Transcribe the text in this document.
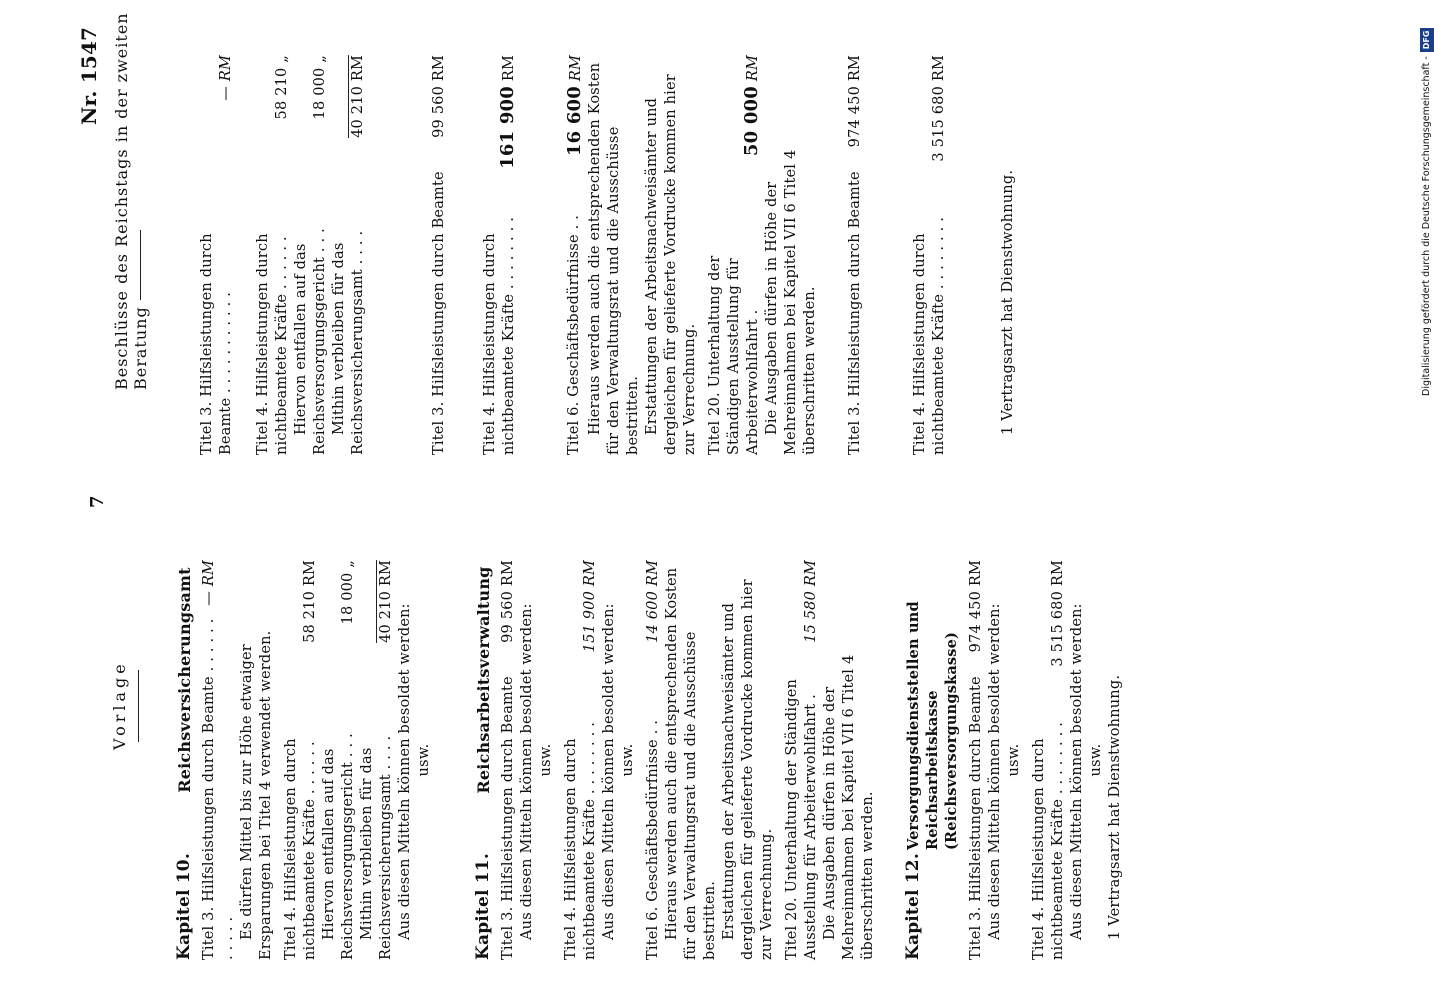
7
Nr. 1547
Vorlage
Beschlüsse des Reichstags in der zweiten Beratung
Kapitel 10.
Reichsversicherungsamt Titel 3. Hilfsleistungen durch Beamte . . . . . . . . . . .
— RM
Es dürfen Mittel bis zur Höhe etwaiger Ersparungen bei Titel 4 verwendet werden. Titel 4. Hilfsleistungen durch nichtbeamtete Kräfte . . . . . .
58 210 RM
Hiervon entfallen auf das Reichsversorgungsgericht . . .
18 000 „
Mithin verbleiben für das Reichsversicherungsamt . . . .
40 210 RM
Aus diesen Mitteln können besoldet werden: usw.
Kapitel 11.
Reichsarbeitsverwaltung Titel 3. Hilfsleistungen durch Beamte
99 560 RM
Aus diesen Mitteln können besoldet werden: usw. Titel 4. Hilfsleistungen durch nichtbeamtete Kräfte . . . . . . . .
151 900 RM Aus diesen Mitteln können besoldet werden: usw. Titel 6. Geschäftsbedürfnisse . .
14 600 RM Hieraus werden auch die entsprechenden Kosten für den Verwaltungsrat und die Ausschüsse bestritten. Erstattungen der Arbeitsnachweisämter und dergleichen für gelieferte Vordrucke kommen hier zur Verrechnung. Titel 20. Unterhaltung der Ständigen Ausstellung für Arbeiterwohlfahrt .
15 580 RM
Die Ausgaben dürfen in Höhe der Mehreinnahmen bei Kapitel VII 6 Titel 4 überschritten werden. Kapitel 12.
Versorgungsdienststellen und Reichsarbeitskasse (Reichsversorgungskasse) Titel 3. Hilfsleistungen durch Beamte
974 450 RM Aus diesen Mitteln können besoldet werden: usw. Titel 4. Hilfsleistungen durch nichtbeamtete Kräfte . . . . . . . .
3 515 680 RM Aus diesen Mitteln können besoldet werden: usw. 1 Vertragsarzt hat Dienstwohnung.
Titel 3. Hilfsleistungen durch Beamte . . . . . . . . . . .
— RM
Titel 4. Hilfsleistungen durch nichtbeamtete Kräfte . . . . . .
58 210 „
Hiervon entfallen auf das Reichsversorgungsgericht . . .
18 000 „
Mithin verbleiben für das Reichsversicherungsamt . . . .
40 210 RM
Titel 3. Hilfsleistungen durch Beamte
99 560 RM
Titel 4. Hilfsleistungen durch nichtbeamtete Kräfte . . . . . . . .
161 900 RM
Titel 6. Geschäftsbedürfnisse . .
16 600 RM Hieraus werden auch die entsprechenden Kosten für den Verwaltungsrat und die Ausschüsse bestritten. Erstattungen der Arbeitsnachweisämter und dergleichen für gelieferte Vordrucke kommen hier zur Verrechnung. Titel 20. Unterhaltung der Ständigen Ausstellung für Arbeiterwohlfahrt .
50 000 RM
Die Ausgaben dürfen in Höhe der Mehreinnahmen bei Kapitel VII 6 Titel 4 überschritten werden. Titel 3. Hilfsleistungen durch Beamte
974 450 RM
Titel 4. Hilfsleistungen durch nichtbeamtete Kräfte . . . . . . . .
3 515 680 RM
1 Vertragsarzt hat Dienstwohnung.	Digitalisierung gefördert durch die Deutsche Forschungsgemeinschaft -DFG
